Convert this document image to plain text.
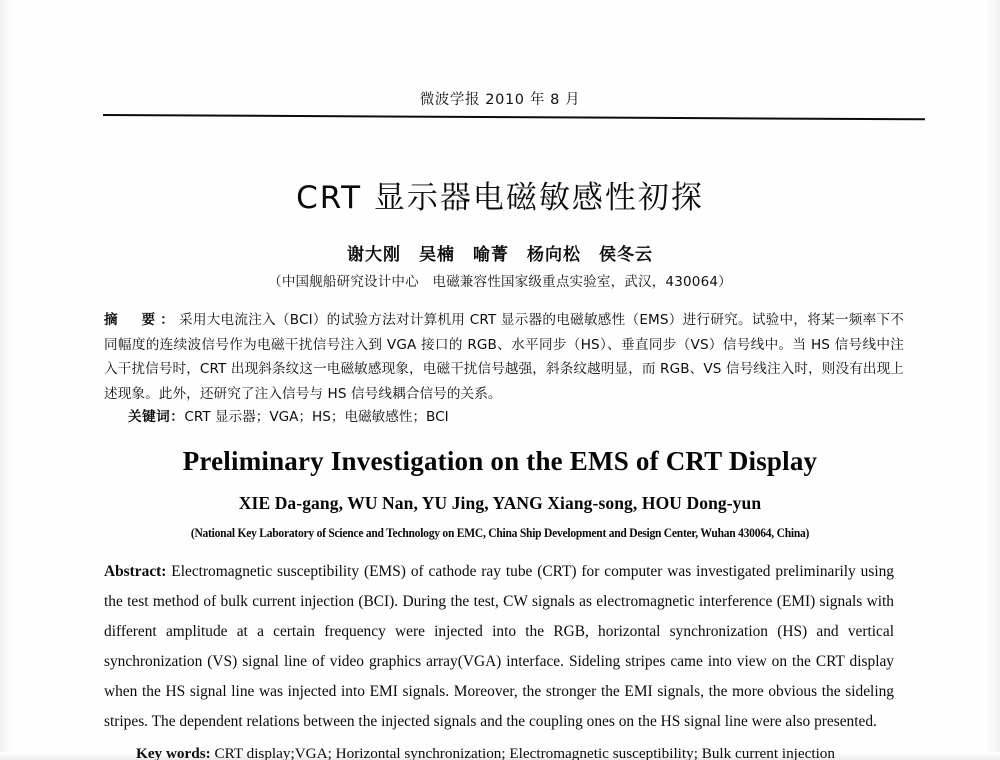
微波学报 2010 年 8 月
CRT 显示器电磁敏感性初探
谢大刚　吴楠　喻菁　杨向松　侯冬云
（中国舰船研究设计中心　电磁兼容性国家级重点实验室，武汉，430064）
摘　要：采用大电流注入（BCI）的试验方法对计算机用 CRT 显示器的电磁敏感性（EMS）进行研究。试验中，将某一频率下不同幅度的连续波信号作为电磁干扰信号注入到 VGA 接口的 RGB、水平同步（HS）、垂直同步（VS）信号线中。当 HS 信号线中注入干扰信号时，CRT 出现斜条纹这一电磁敏感现象，电磁干扰信号越强，斜条纹越明显，而 RGB、VS 信号线注入时，则没有出现上述现象。此外，还研究了注入信号与 HS 信号线耦合信号的关系。
关键词：CRT 显示器；VGA；HS；电磁敏感性；BCI
Preliminary Investigation on the EMS of CRT Display
XIE Da-gang, WU Nan, YU Jing, YANG Xiang-song, HOU Dong-yun
(National Key Laboratory of Science and Technology on EMC, China Ship Development and Design Center, Wuhan 430064, China)
Abstract: Electromagnetic susceptibility (EMS) of cathode ray tube (CRT) for computer was investigated preliminarily using the test method of bulk current injection (BCI). During the test, CW signals as electromagnetic interference (EMI) signals with different amplitude at a certain frequency were injected into the RGB, horizontal synchronization (HS) and vertical synchronization (VS) signal line of video graphics array(VGA) interface. Sideling stripes came into view on the CRT display when the HS signal line was injected into EMI signals. Moreover, the stronger the EMI signals, the more obvious the sideling stripes. The dependent relations between the injected signals and the coupling ones on the HS signal line were also presented.
Key words: CRT display;VGA; Horizontal synchronization; Electromagnetic susceptibility; Bulk current injection
